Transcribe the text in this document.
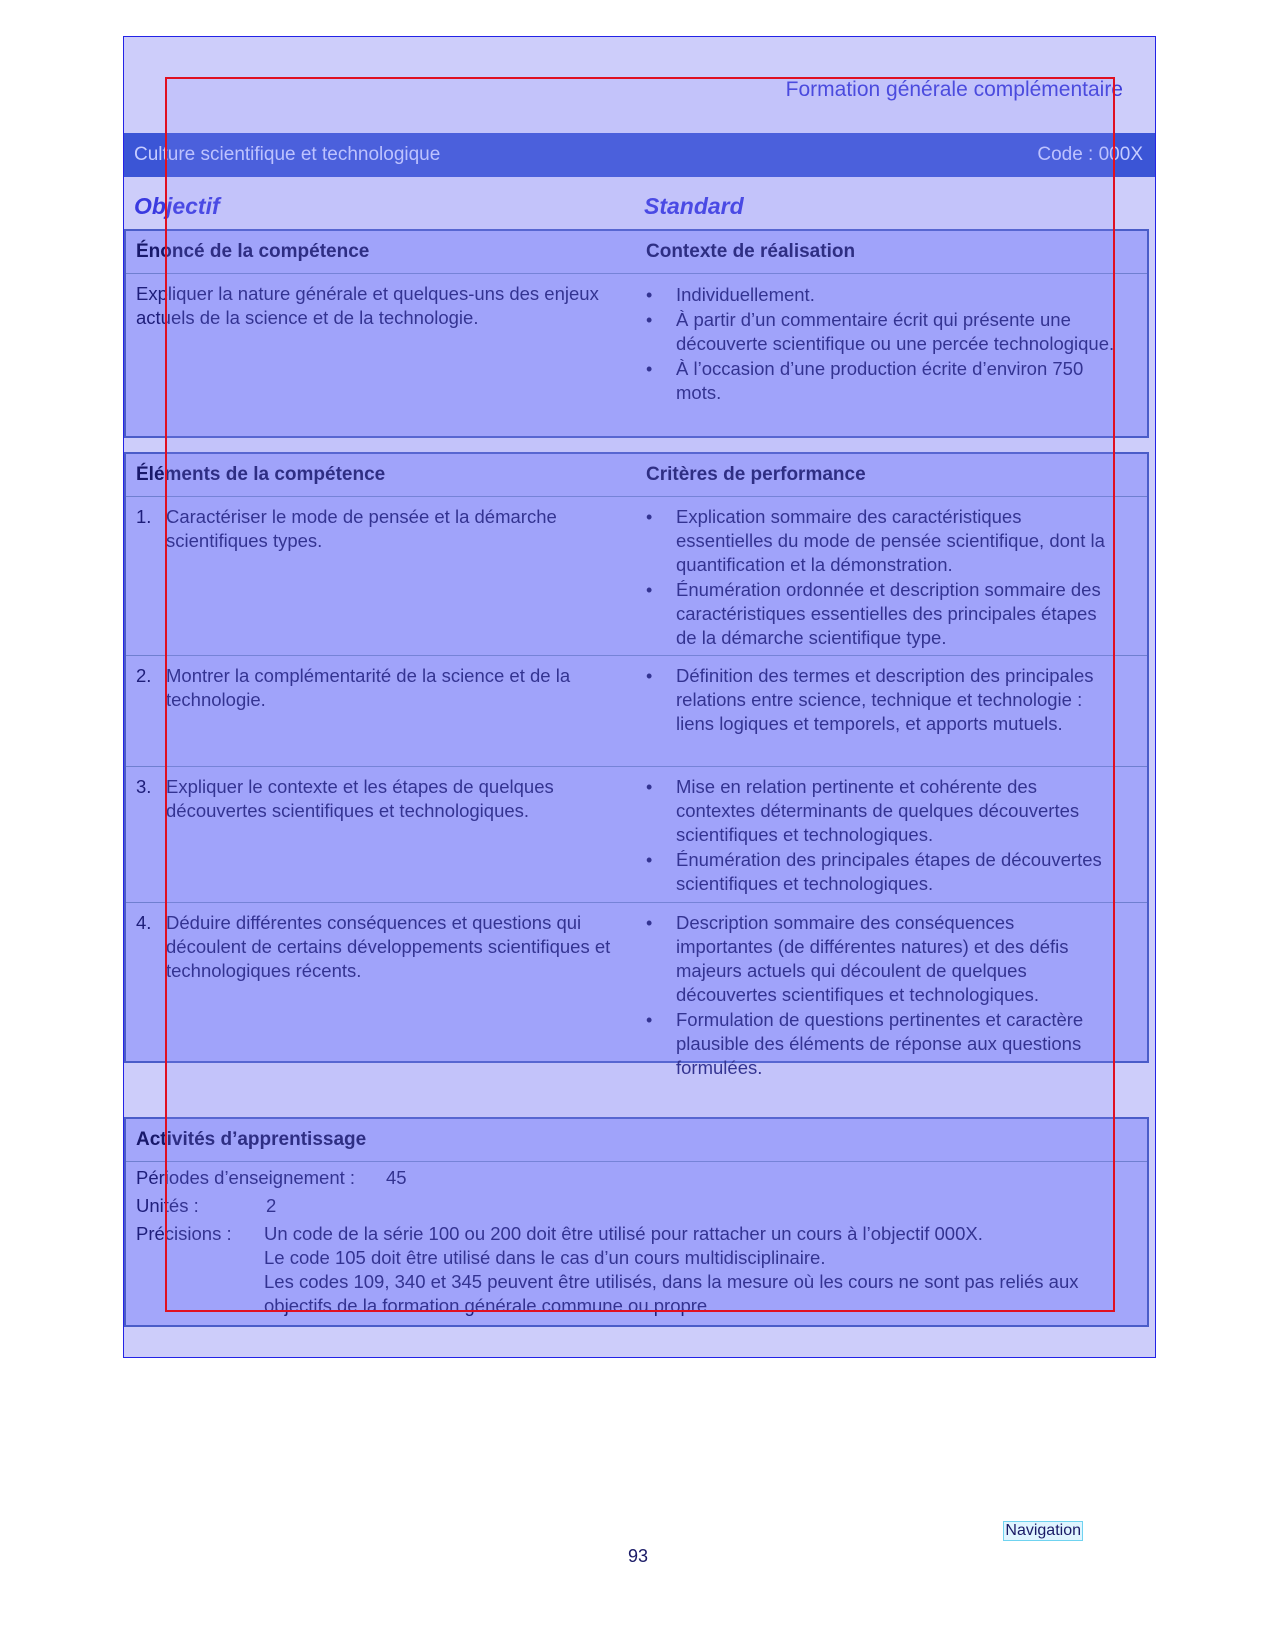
Formation générale complémentaire
Culture scientifique et technologique	Code : 000X
Objectif	Standard
Énoncé de la compétence	Contexte de réalisation
Expliquer la nature générale et quelques-uns des enjeux actuels de la science et de la technologie.
• Individuellement.
• À partir d’un commentaire écrit qui présente une découverte scientifique ou une percée technologique.
• À l’occasion d’une production écrite d’environ 750 mots.
Éléments de la compétence	Critères de performance
1. Caractériser le mode de pensée et la démarche scientifiques types.
• Explication sommaire des caractéristiques essentielles du mode de pensée scientifique, dont la quantification et la démonstration.
• Énumération ordonnée et description sommaire des caractéristiques essentielles des principales étapes de la démarche scientifique type.
2. Montrer la complémentarité de la science et de la technologie.
• Définition des termes et description des principales relations entre science, technique et technologie : liens logiques et temporels, et apports mutuels.
3. Expliquer le contexte et les étapes de quelques découvertes scientifiques et technologiques.
• Mise en relation pertinente et cohérente des contextes déterminants de quelques découvertes scientifiques et technologiques.
• Énumération des principales étapes de découvertes scientifiques et technologiques.
4. Déduire différentes conséquences et questions qui découlent de certains développements scientifiques et technologiques récents.
• Description sommaire des conséquences importantes (de différentes natures) et des défis majeurs actuels qui découlent de quelques découvertes scientifiques et technologiques.
• Formulation de questions pertinentes et caractère plausible des éléments de réponse aux questions formulées.
Activités d’apprentissage
Périodes d’enseignement : 45
Unités :	2
Précisions : Un code de la série 100 ou 200 doit être utilisé pour rattacher un cours à l’objectif 000X.
Le code 105 doit être utilisé dans le cas d’un cours multidisciplinaire.
Les codes 109, 340 et 345 peuvent être utilisés, dans la mesure où les cours ne sont pas reliés aux objectifs de la formation générale commune ou propre.
Navigation
93
